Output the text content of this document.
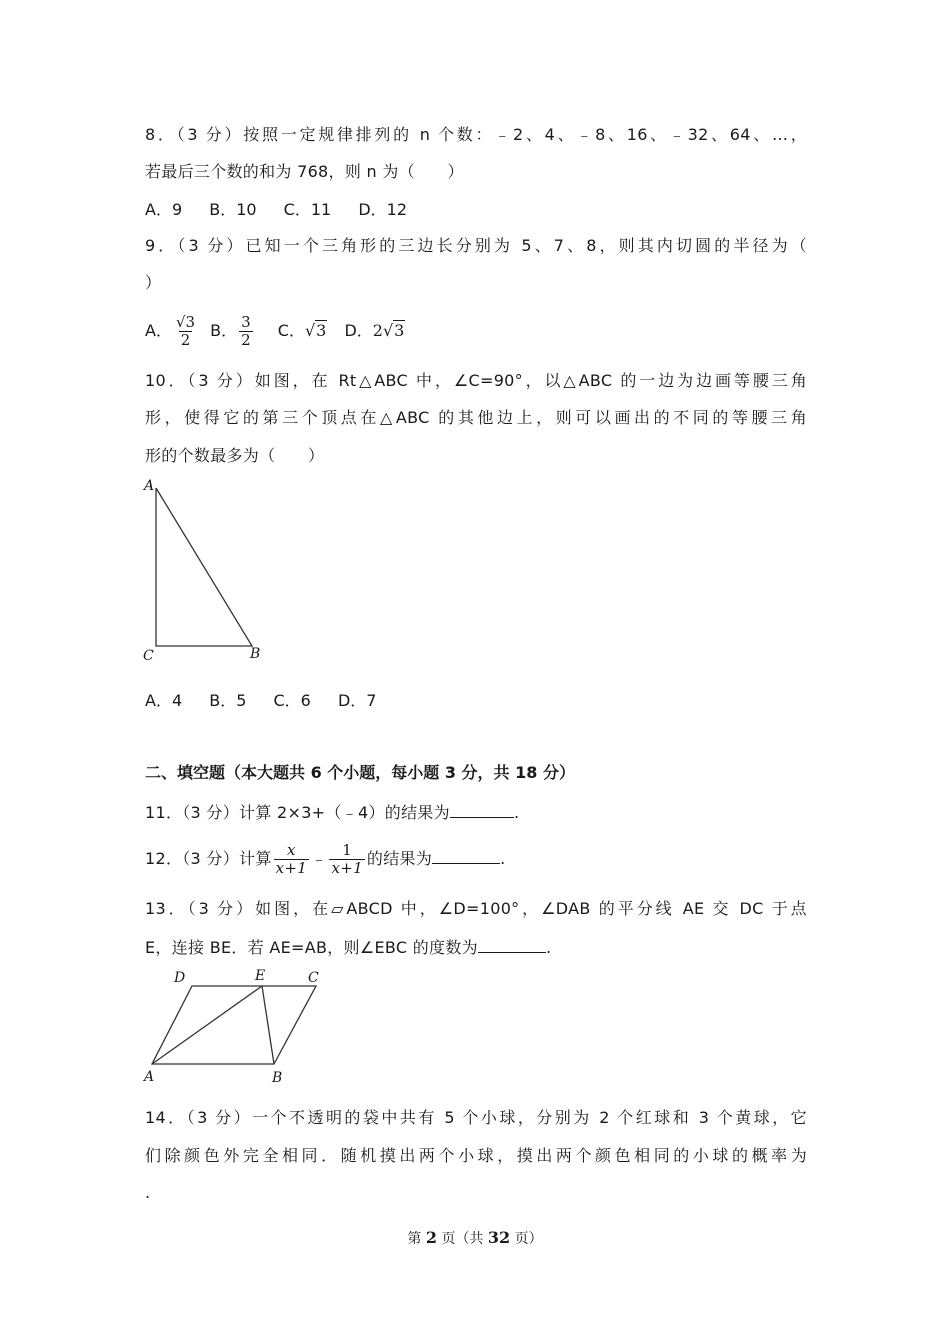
8．（3 分）按照一定规律排列的 n 个数：﹣2、4、﹣8、16、﹣32、64、…，
若最后三个数的和为 768，则 n 为（　　）
A．9 B．10 C．11 D．12
9．（3 分）已知一个三角形的三边长分别为 5、7、8，则其内切圆的半径为（
）
A． $\frac{√3}{2}$ B． $\frac{3}{2}$ C．√3 D．2√3
10．（3 分）如图，在 Rt△ABC 中，∠C=90°，以△ABC 的一边为边画等腰三角
形，使得它的第三个顶点在△ABC 的其他边上，则可以画出的不同的等腰三角
形的个数最多为（　　）
A
C	B
A．4 B．5 C．6 D．7
二、填空题（本大题共 6 个小题，每小题 3 分，共 18 分）
11．（3 分）计算 2×3+（﹣4）的结果为	.
12．（3 分）计算 $\frac{x}{x+1}$ ﹣ $\frac{1}{x+1}$ 的结果为	.
13．（3 分）如图，在▱ABCD 中，∠D=100°，∠DAB 的平分线 AE 交 DC 于点
E，连接 BE．若 AE=AB，则∠EBC 的度数为	.
D	E	C
A	B
14．（3 分）一个不透明的袋中共有 5 个小球，分别为 2 个红球和 3 个黄球，它
们除颜色外完全相同．随机摸出两个小球，摸出两个颜色相同的小球的概率为
.
第 2 页（共 32 页）
